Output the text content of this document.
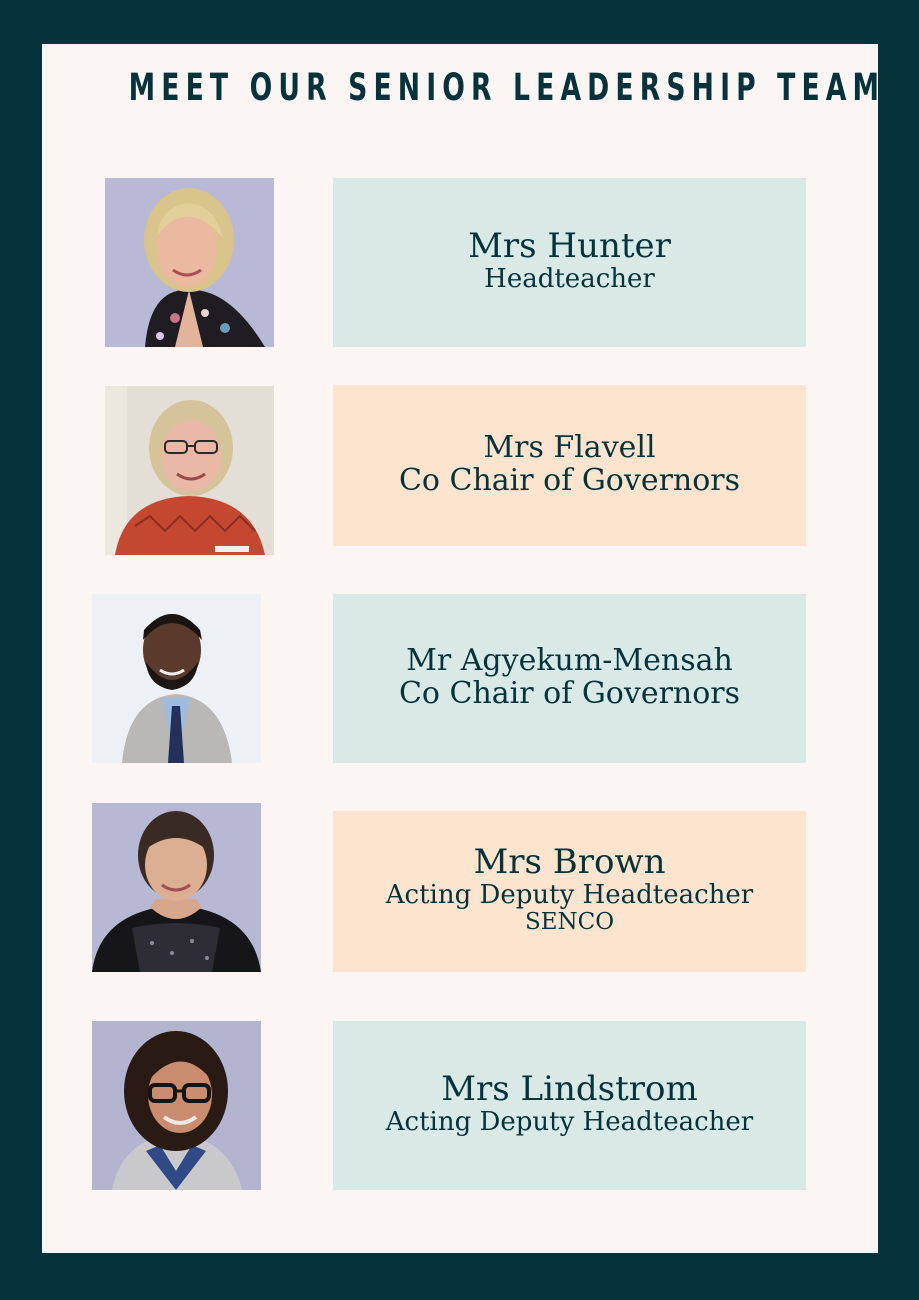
MEET OUR SENIOR LEADERSHIP TEAM
Mrs Hunter
Headteacher
Mrs Flavell
Co Chair of Governors
Mr Agyekum-Mensah
Co Chair of Governors
Mrs Brown
Acting Deputy Headteacher
SENCO
Mrs Lindstrom
Acting Deputy Headteacher
